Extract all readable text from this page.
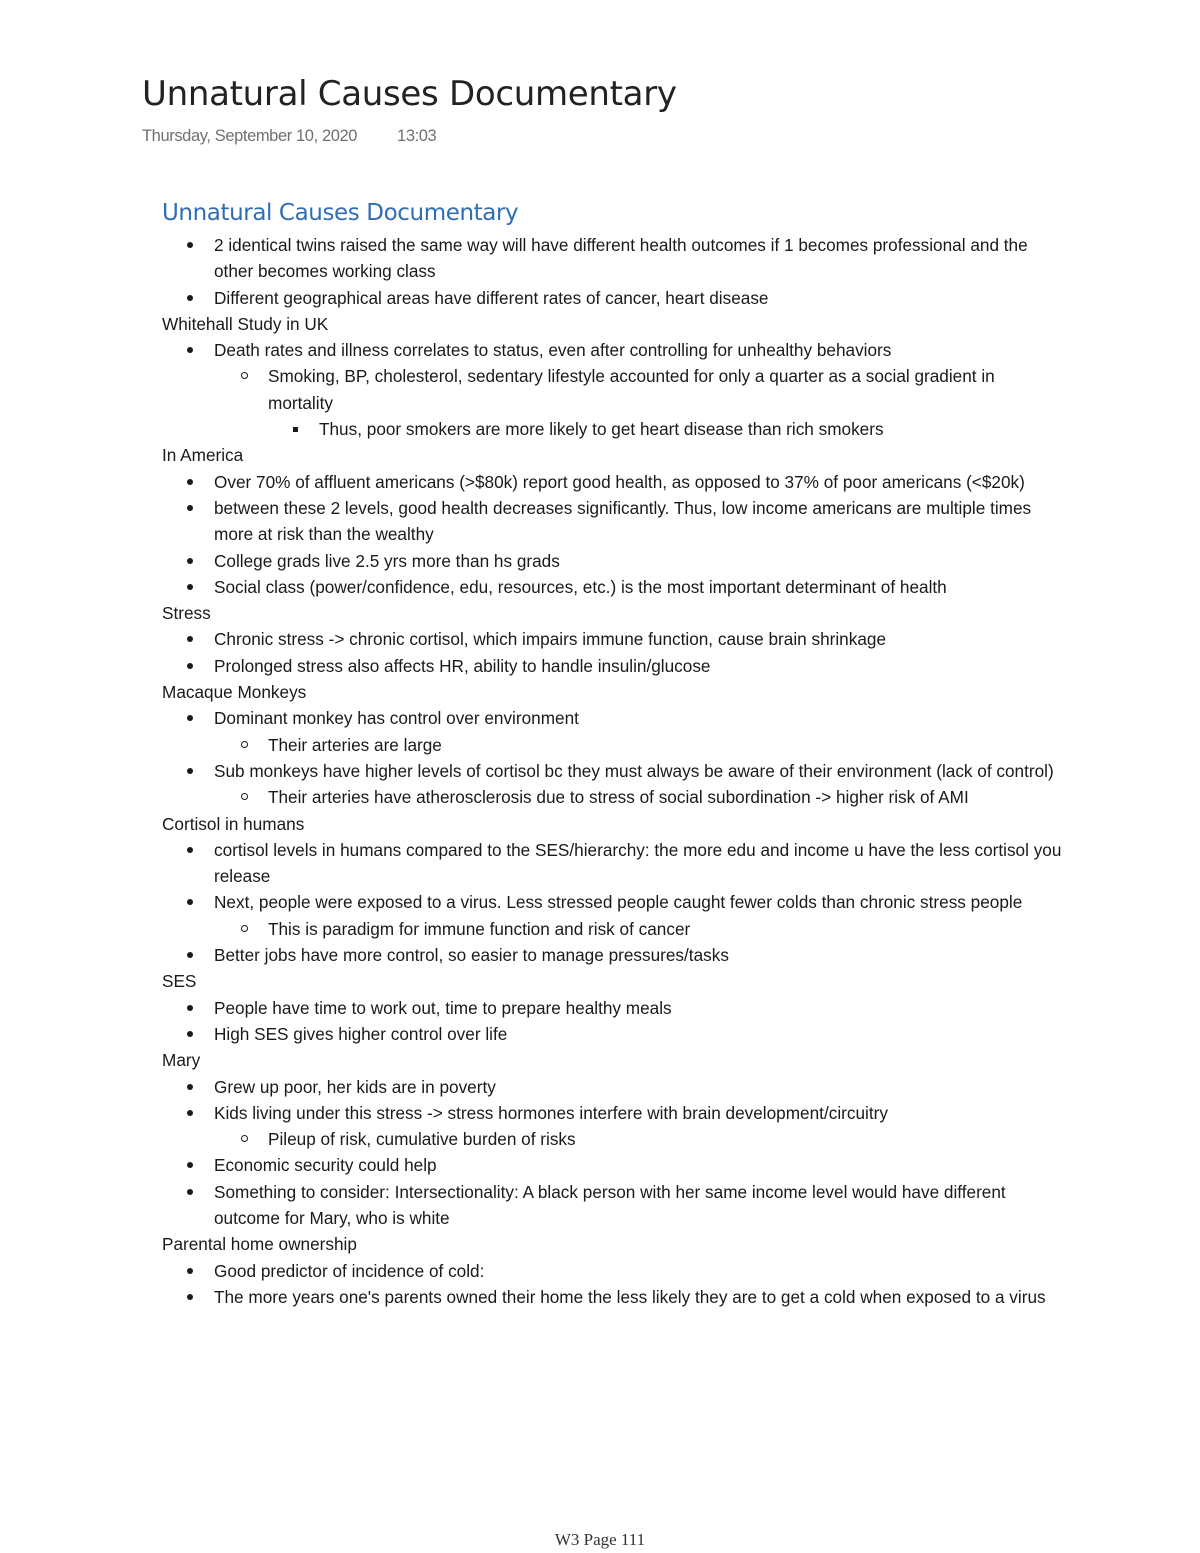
Unnatural Causes Documentary
Thursday, September 10, 2020 13:03
Unnatural Causes Documentary
2 identical twins raised the same way will have different health outcomes if 1 becomes professional and the other becomes working class
Different geographical areas have different rates of cancer, heart disease

Whitehall Study in UK

Death rates and illness correlates to status, even after controlling for unhealthy behaviors
Smoking, BP, cholesterol, sedentary lifestyle accounted for only a quarter as a social gradient in mortality
Thus, poor smokers are more likely to get heart disease than rich smokers

In America

Over 70% of affluent americans (>$80k) report good health, as opposed to 37% of poor americans (<$20k)
between these 2 levels, good health decreases significantly. Thus, low income americans are multiple times more at risk than the wealthy
College grads live 2.5 yrs more than hs grads
Social class (power/confidence, edu, resources, etc.) is the most important determinant of health

Stress

Chronic stress -> chronic cortisol, which impairs immune function, cause brain shrinkage
Prolonged stress also affects HR, ability to handle insulin/glucose

Macaque Monkeys

Dominant monkey has control over environment
Their arteries are large
Sub monkeys have higher levels of cortisol bc they must always be aware of their environment (lack of control)
Their arteries have atherosclerosis due to stress of social subordination -> higher risk of AMI

Cortisol in humans

cortisol levels in humans compared to the SES/hierarchy: the more edu and income u have the less cortisol you release
Next, people were exposed to a virus. Less stressed people caught fewer colds than chronic stress people
This is paradigm for immune function and risk of cancer
Better jobs have more control, so easier to manage pressures/tasks

SES

People have time to work out, time to prepare healthy meals
High SES gives higher control over life

Mary

Grew up poor, her kids are in poverty
Kids living under this stress -> stress hormones interfere with brain development/circuitry
Pileup of risk, cumulative burden of risks
Economic security could help
Something to consider: Intersectionality: A black person with her same income level would have different outcome for Mary, who is white

Parental home ownership

Good predictor of incidence of cold:
The more years one's parents owned their home the less likely they are to get a cold when exposed to a virus
W3 Page 111
